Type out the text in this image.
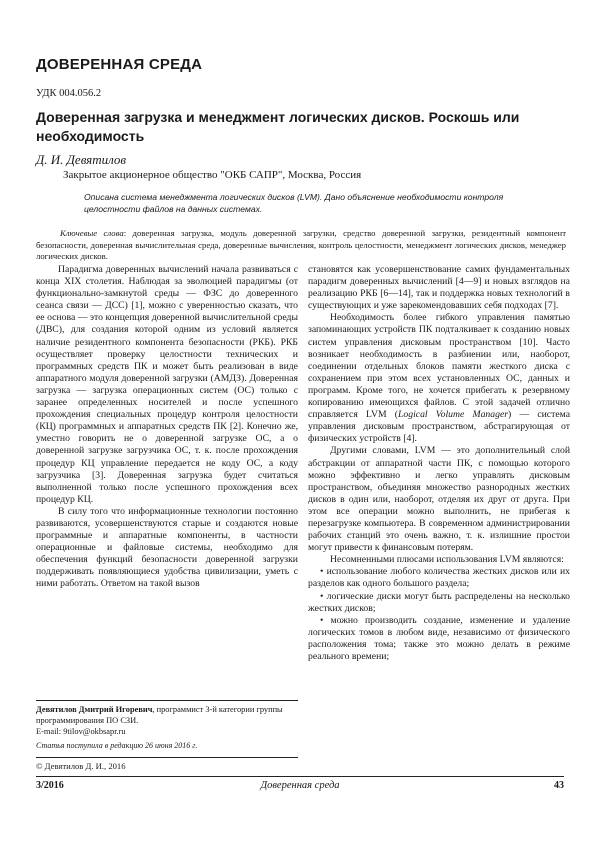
ДОВЕРЕННАЯ СРЕДА
УДК 004.056.2
Доверенная загрузка и менеджмент логических дисков. Роскошь или необходимость
Д. И. Девятилов
Закрытое акционерное общество "ОКБ САПР", Москва, Россия
Описана система менеджмента логических дисков (LVM). Дано объяснение необходимости контроля целостности файлов на данных системах.
Ключевые слова: доверенная загрузка, модуль доверенной загрузки, средство доверенной загрузки, резидентный компонент безопасности, доверенная вычислительная среда, доверенные вычисления, контроль целостности, менеджмент логических дисков, менеджер логических дисков.

Парадигма доверенных вычислений начала развиваться с конца XIX столетия. Наблюдая за эволюцией парадигмы (от функционально-замкнутой среды — ФЗС до доверенного сеанса связи — ДСС) [1], можно с уверенностью сказать, что ее основа — это концепция доверенной вычислительной среды (ДВС), для создания которой одним из условий является наличие резидентного компонента безопасности (РКБ). РКБ осуществляет проверку целостности технических и программных средств ПК и может быть реализован в виде аппаратного модуля доверенной загрузки (АМДЗ). Доверенная загрузка — загрузка операционных систем (ОС) только с заранее определенных носителей и после успешного прохождения специальных процедур контроля целостности (КЦ) программных и аппаратных средств ПК [2]. Конечно же, уместно говорить не о доверенной загрузке ОС, а о доверенной загрузке загрузчика ОС, т. к. после прохождения процедур КЦ управление передается не коду ОС, а коду загрузчика [3]. Доверенная загрузка будет считаться выполненной только после успешного прохождения всех процедур КЦ.

В силу того что информационные технологии постоянно развиваются, усовершенствуются старые и создаются новые программные и аппаратные компоненты, в частности операционные и файловые системы, необходимо для обеспечения функций безопасности доверенной загрузки поддерживать появляющиеся удобства цивилизации, уметь с ними работать. Ответом на такой вызов

становятся как усовершенствование самих фундаментальных парадигм доверенных вычислений [4—9] и новых взглядов на реализацию РКБ [6—14], так и поддержка новых технологий в существующих и уже зарекомендовавших себя подходах [7].

Необходимость более гибкого управления памятью запоминающих устройств ПК подталкивает к созданию новых систем управления дисковым пространством [10]. Часто возникает необходимость в разбиении или, наоборот, соединении отдельных блоков памяти жесткого диска с сохранением при этом всех установленных ОС, данных и программ. Кроме того, не хочется прибегать к резервному копированию имеющихся файлов. С этой задачей отлично справляется LVM (Logical Volume Manager) — система управления дисковым пространством, абстрагирующая от физических устройств [4].

Другими словами, LVM — это дополнительный слой абстракции от аппаратной части ПК, с помощью которого можно эффективно и легко управлять дисковым пространством, объединяя множество разнородных жестких дисков в один или, наоборот, отделяя их друг от друга. При этом все операции можно выполнить, не прибегая к перезагрузке компьютера. В современном администрировании рабочих станций это очень важно, т. к. излишние простои могут привести к финансовым потерям.

Несомненными плюсами использования LVM являются:

• использование любого количества жестких дисков или их разделов как одного большого раздела;

• логические диски могут быть распределены на несколько жестких дисков;

• можно производить создание, изменение и удаление логических томов в любом виде, независимо от физического расположения тома; также это можно делать в режиме реального времени;

Девятилов Дмитрий Игоревич, программист 3-й категории группы программирования ПО СЗИ.
E-mail: 9tilov@okbsapr.ru
Статья поступила в редакцию 26 июня 2016 г.
© Девятилов Д. И., 2016
3/2016	Доверенная среда	43
